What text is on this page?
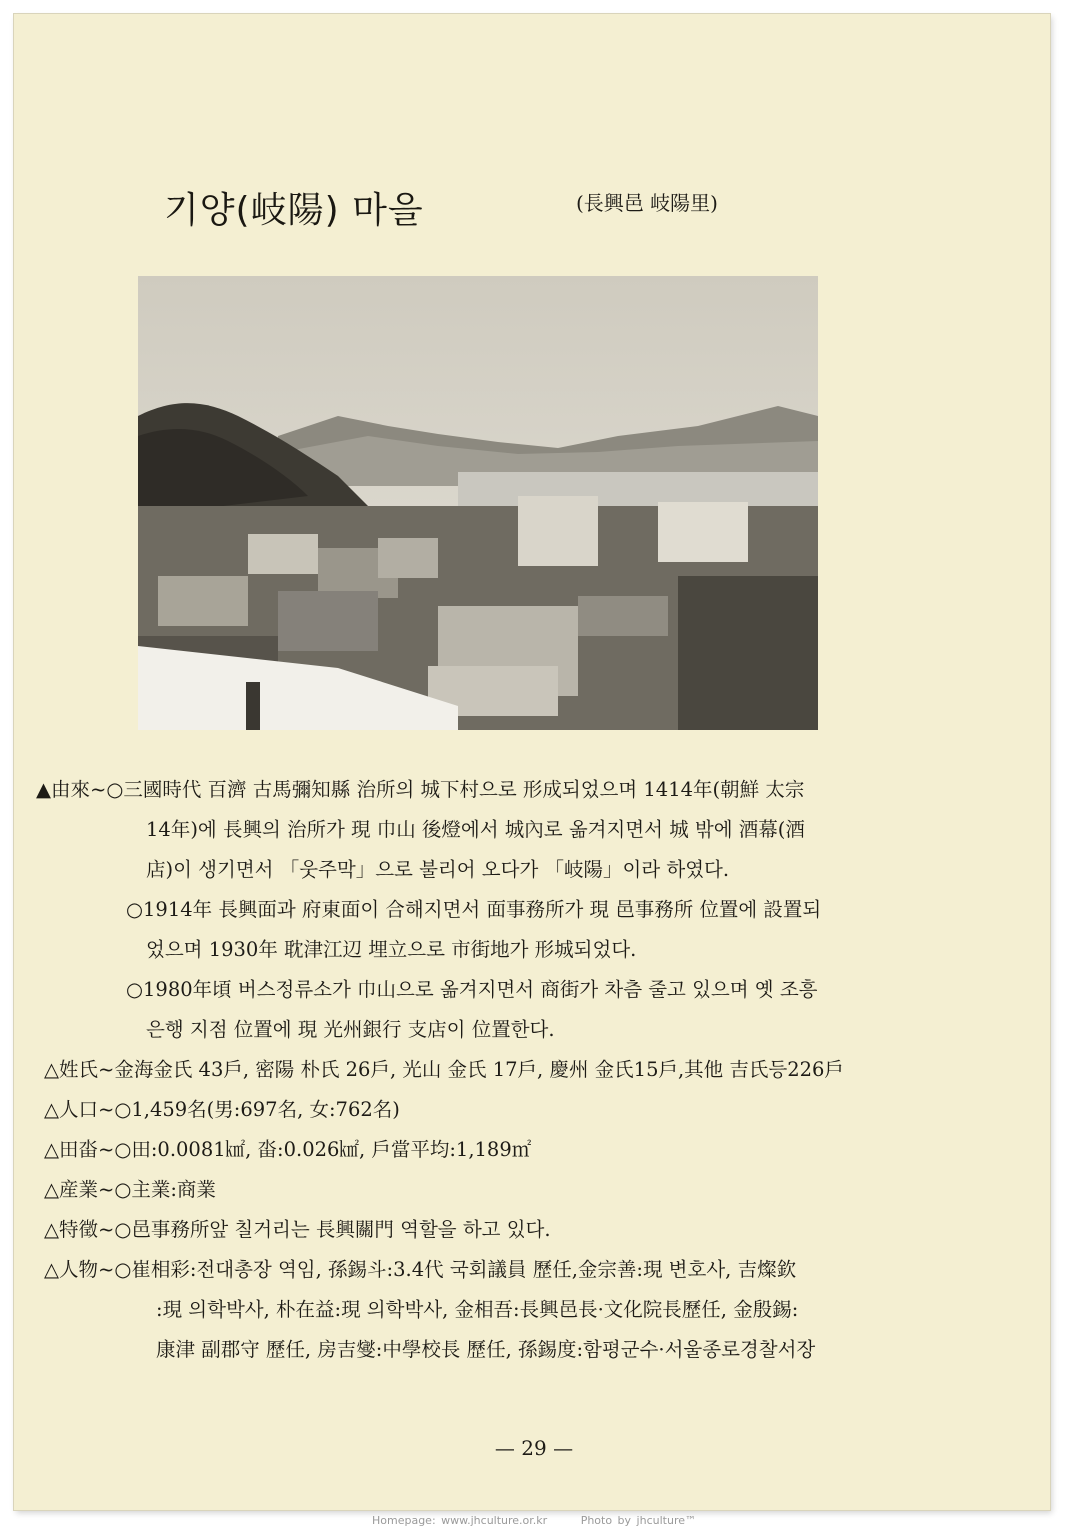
기양(岐陽) 마을	(長興邑 岐陽里)
▲由來~○三國時代 百濟 古馬彌知縣 治所의 城下村으로 形成되었으며 1414年(朝鮮 太宗
14年)에 長興의 治所가 現 巾山 後燈에서 城內로 옮겨지면서 城 밖에 酒幕(酒
店)이 생기면서 「웃주막」으로 불리어 오다가 「岐陽」이라 하였다.
○1914年 長興面과 府東面이 合해지면서 面事務所가 現 邑事務所 位置에 設置되
었으며 1930年 耽津江辺 埋立으로 市街地가 形城되었다.
○1980年頃 버스정류소가 巾山으로 옮겨지면서 商街가 차츰 줄고 있으며 옛 조흥
은행 지점 位置에 現 光州銀行 支店이 位置한다.
△姓氏~金海金氏 43戶, 密陽 朴氏 26戶, 光山 金氏 17戶, 慶州 金氏15戶,其他 吉氏등226戶
△人口~○1,459名(男:697名, 女:762名)
△田畓~○田:0.0081㎢, 畓:0.026㎢, 戶當平均:1,189㎡
△産業~○主業:商業
△特徵~○邑事務所앞 칠거리는 長興關門 역할을 하고 있다.
△人物~○崔相彩:전대총장 역임, 孫錫斗:3.4代 국회議員 歷任,金宗善:現 변호사, 吉燦欽
:現 의학박사, 朴在益:現 의학박사, 金相吾:長興邑長·文化院長歷任, 金殷錫:
康津 副郡守 歷任, 房吉燮:中學校長 歷任, 孫錫度:함평군수·서울종로경찰서장
— 29 —
Homepage: www.jhculture.or.kr	Photo by jhculture™
